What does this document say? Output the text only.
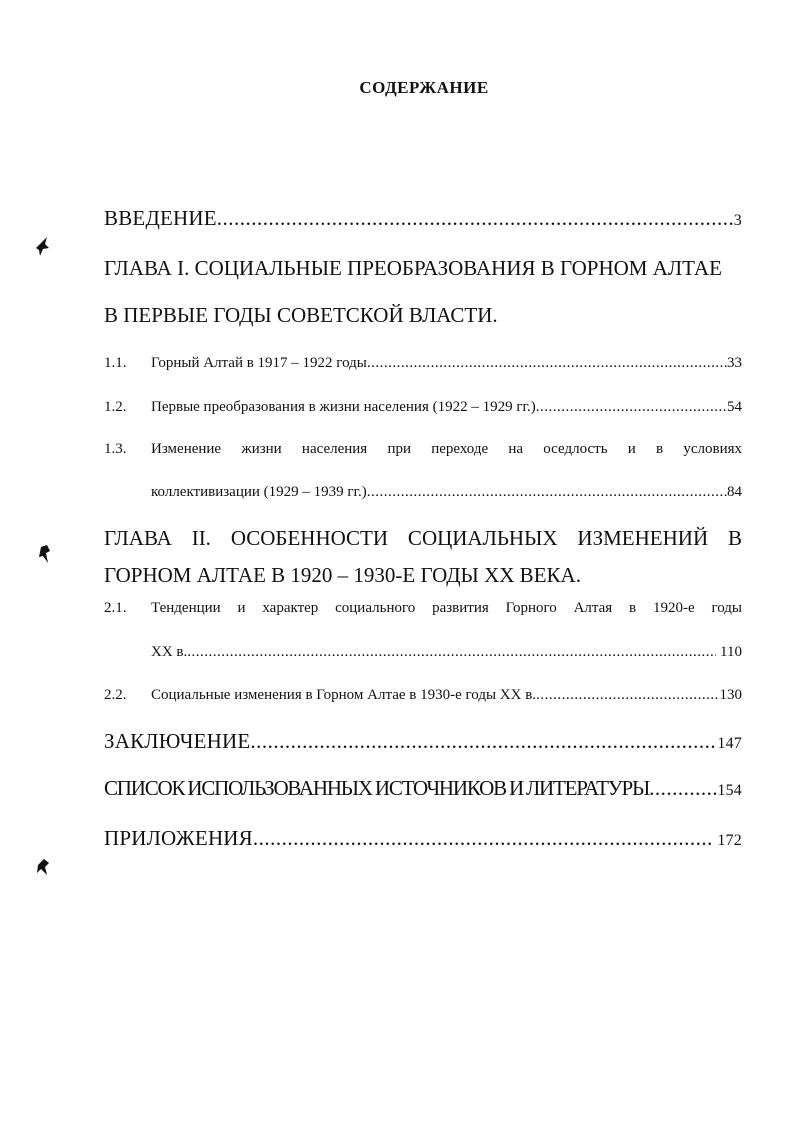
СОДЕРЖАНИЕ
ВВЕДЕНИЕ .....	3
ГЛАВА I. СОЦИАЛЬНЫЕ ПРЕОБРАЗОВАНИЯ В ГОРНОМ АЛТАЕ
В ПЕРВЫЕ ГОДЫ СОВЕТСКОЙ ВЛАСТИ.
1.1. Горный Алтай в 1917 – 1922 годы .....	33
1.2. Первые преобразования в жизни населения (1922 – 1929 гг.) .....	54
1.3. Изменение жизни населения при переходе на оседлость и в условиях
коллективизации (1929 – 1939 гг.) .....	84
ГЛАВА II. ОСОБЕННОСТИ СОЦИАЛЬНЫХ ИЗМЕНЕНИЙ В
ГОРНОМ АЛТАЕ В 1920 – 1930-Е ГОДЫ XX ВЕКА.
2.1. Тенденции и характер социального развития Горного Алтая в 1920-е годы
XX в. .....	110
2.2. Социальные изменения в Горном Алтае в 1930-е годы XX в. .....	130
ЗАКЛЮЧЕНИЕ .....	147
СПИСОК ИСПОЛЬЗОВАННЫХ ИСТОЧНИКОВ И ЛИТЕРАТУРЫ .....	154
ПРИЛОЖЕНИЯ .....	172
